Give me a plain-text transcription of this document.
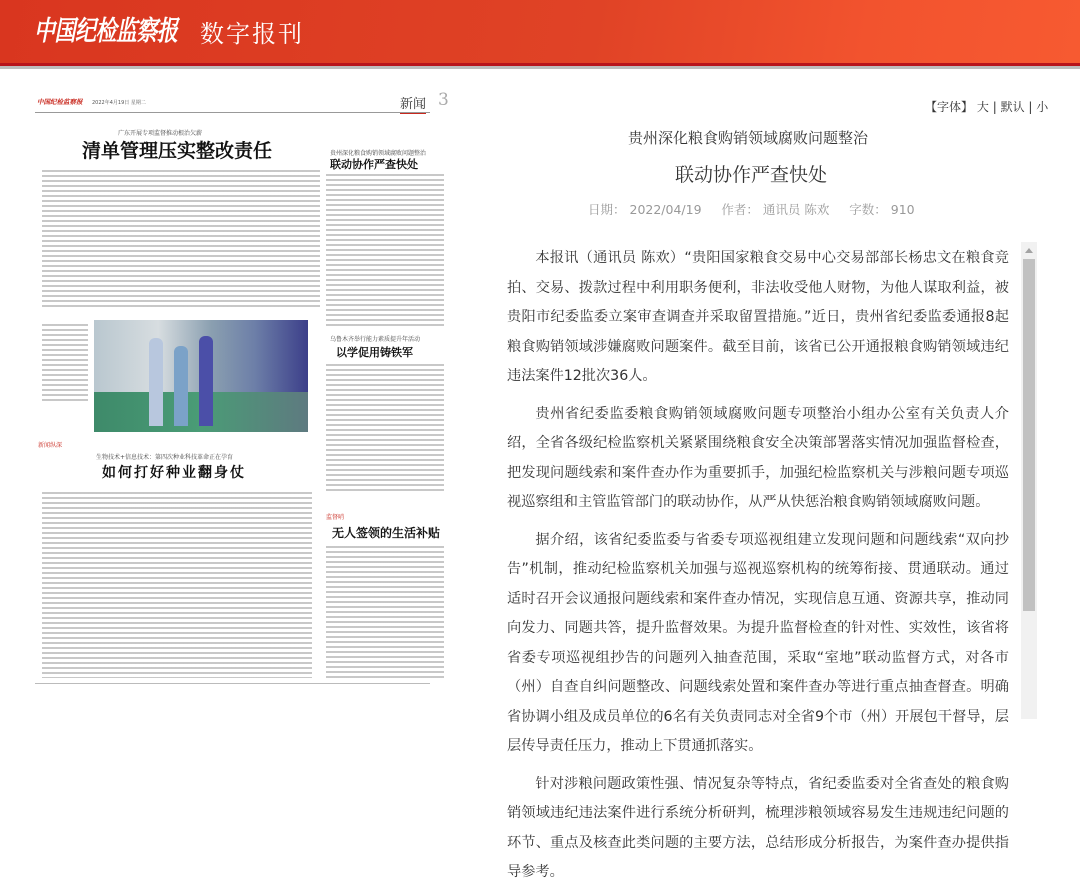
中国纪检监察报 数字报刊
中国纪检监察报 2022年4月19日 星期二	新闻 3
广东开展专项监督推动根治欠薪
清单管理压实整改责任	贵州深化粮食购销领域腐败问题整治
联动协作严查快处
乌鲁木齐举行能力素质提升年活动
以学促用铸铁军
新闻纵深
生物技术+信息技术：第四次种业科技革命正在孕育
如何打好种业翻身仗
监督哨
无人签领的生活补贴
【字体】 大 | 默认 | 小
贵州深化粮食购销领域腐败问题整治
联动协作严查快处
日期： 2022/04/19 作者： 通讯员 陈欢 字数： 910

本报讯（通讯员 陈欢）“贵阳国家粮食交易中心交易部部长杨忠文在粮食竞拍、交易、拨款过程中利用职务便利，非法收受他人财物，为他人谋取利益，被贵阳市纪委监委立案审查调查并采取留置措施。”近日，贵州省纪委监委通报8起粮食购销领域涉嫌腐败问题案件。截至目前，该省已公开通报粮食购销领域违纪违法案件12批次36人。

贵州省纪委监委粮食购销领域腐败问题专项整治小组办公室有关负责人介绍，全省各级纪检监察机关紧紧围绕粮食安全决策部署落实情况加强监督检查，把发现问题线索和案件查办作为重要抓手，加强纪检监察机关与涉粮问题专项巡视巡察组和主管监管部门的联动协作，从严从快惩治粮食购销领域腐败问题。

据介绍，该省纪委监委与省委专项巡视组建立发现问题和问题线索“双向抄告”机制，推动纪检监察机关加强与巡视巡察机构的统筹衔接、贯通联动。通过适时召开会议通报问题线索和案件查办情况，实现信息互通、资源共享，推动同向发力、同题共答，提升监督效果。为提升监督检查的针对性、实效性，该省将省委专项巡视组抄告的问题列入抽查范围，采取“室地”联动监督方式，对各市（州）自查自纠问题整改、问题线索处置和案件查办等进行重点抽查督查。明确省协调小组及成员单位的6名有关负责同志对全省9个市（州）开展包干督导，层层传导责任压力，推动上下贯通抓落实。

针对涉粮问题政策性强、情况复杂等特点，省纪委监委对全省查处的粮食购销领域违纪违法案件进行系统分析研判，梳理涉粮领域容易发生违规违纪问题的环节、重点及核查此类问题的主要方法，总结形成分析报告，为案件查办提供指导参考。
